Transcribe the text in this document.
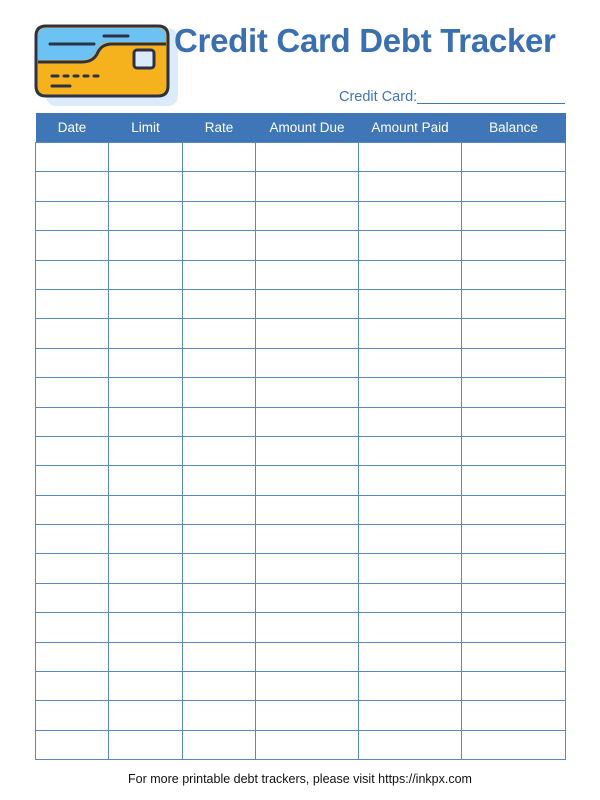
Credit Card Debt Tracker
Credit Card:
Date	Limit	Rate	Amount Due	Amount Paid	Balance

For more printable debt trackers, please visit https://inkpx.com
